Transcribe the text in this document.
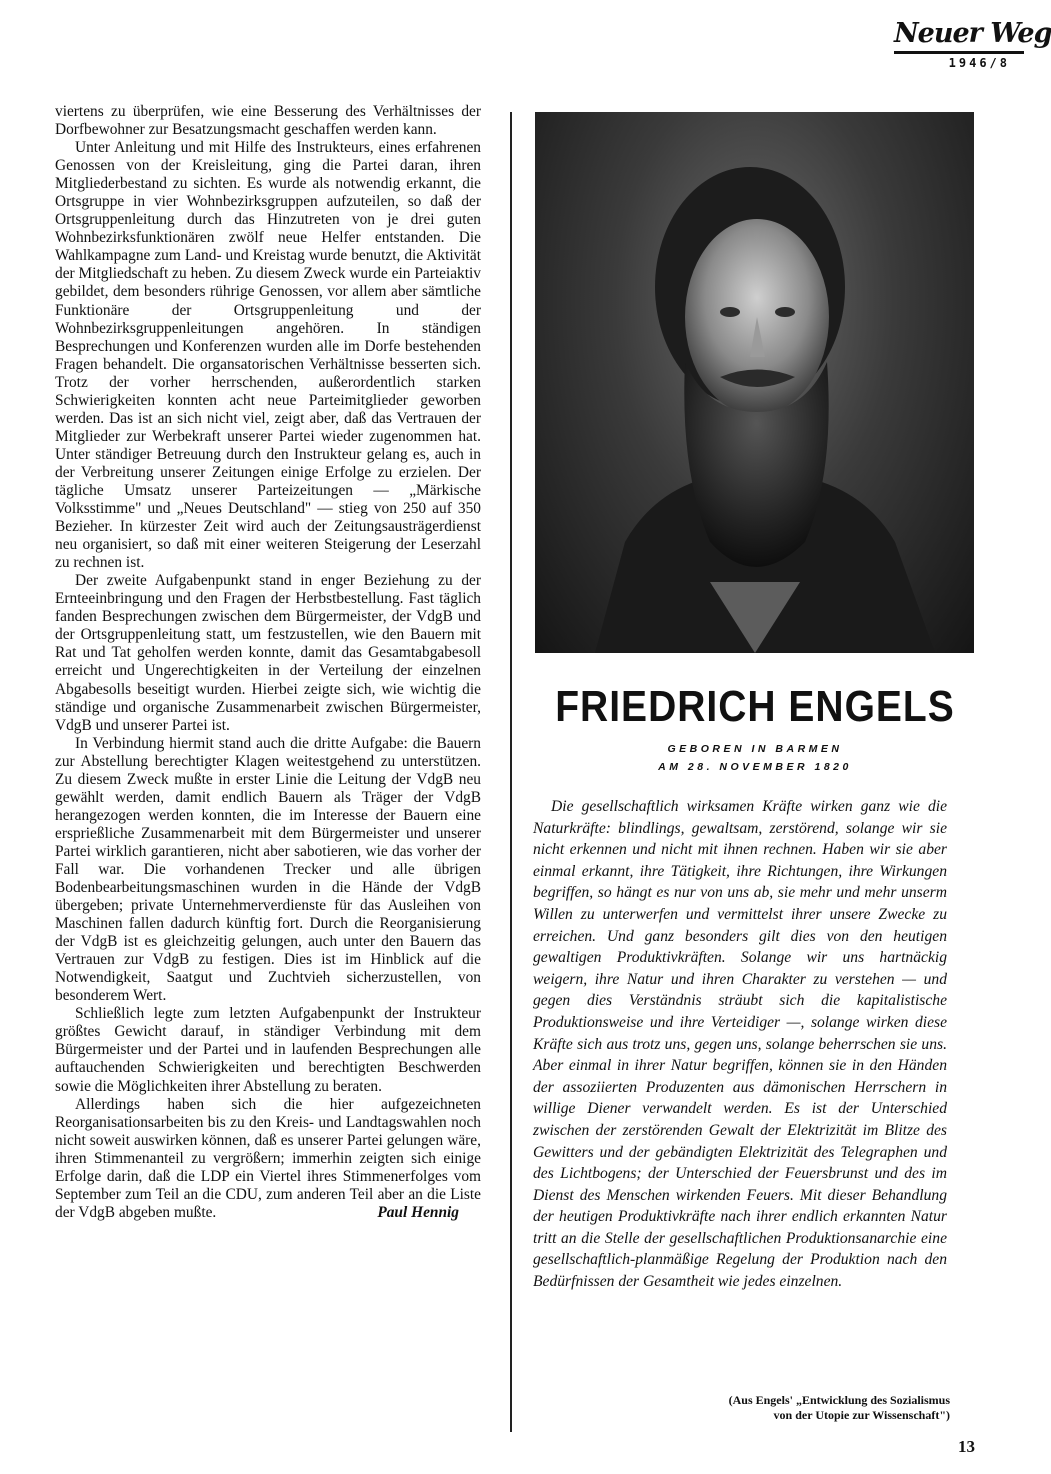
Neuer Weg
1946/8

viertens zu überprüfen, wie eine Besserung des Verhältnisses der Dorfbewohner zur Besatzungsmacht geschaffen werden kann.

Unter Anleitung und mit Hilfe des Instrukteurs, eines erfahrenen Genossen von der Kreisleitung, ging die Partei daran, ihren Mitgliederbestand zu sichten. Es wurde als notwendig erkannt, die Ortsgruppe in vier Wohnbezirksgruppen aufzuteilen, so daß der Ortsgruppenleitung durch das Hinzutreten von je drei guten Wohnbezirksfunktionären zwölf neue Helfer entstanden. Die Wahlkampagne zum Land- und Kreistag wurde benutzt, die Aktivität der Mitgliedschaft zu heben. Zu diesem Zweck wurde ein Parteiaktiv gebildet, dem besonders rührige Genossen, vor allem aber sämtliche Funktionäre der Ortsgruppenleitung und der Wohnbezirksgruppenleitungen angehören. In ständigen Besprechungen und Konferenzen wurden alle im Dorfe bestehenden Fragen behandelt. Die organsatorischen Verhältnisse besserten sich. Trotz der vorher herrschenden, außerordentlich starken Schwierigkeiten konnten acht neue Parteimitglieder geworben werden. Das ist an sich nicht viel, zeigt aber, daß das Vertrauen der Mitglieder zur Werbekraft unserer Partei wieder zugenommen hat. Unter ständiger Betreuung durch den Instrukteur gelang es, auch in der Verbreitung unserer Zeitungen einige Erfolge zu erzielen. Der tägliche Umsatz unserer Parteizeitungen — „Märkische Volksstimme" und „Neues Deutschland" — stieg von 250 auf 350 Bezieher. In kürzester Zeit wird auch der Zeitungsausträgerdienst neu organisiert, so daß mit einer weiteren Steigerung der Leserzahl zu rechnen ist.

Der zweite Aufgabenpunkt stand in enger Beziehung zu der Ernteeinbringung und den Fragen der Herbstbestellung. Fast täglich fanden Besprechungen zwischen dem Bürgermeister, der VdgB und der Ortsgruppenleitung statt, um festzustellen, wie den Bauern mit Rat und Tat geholfen werden konnte, damit das Gesamtabgabesoll erreicht und Ungerechtigkeiten in der Verteilung der einzelnen Abgabesolls beseitigt wurden. Hierbei zeigte sich, wie wichtig die ständige und organische Zusammenarbeit zwischen Bürgermeister, VdgB und unserer Partei ist.

In Verbindung hiermit stand auch die dritte Aufgabe: die Bauern zur Abstellung berechtigter Klagen weitestgehend zu unterstützen. Zu diesem Zweck mußte in erster Linie die Leitung der VdgB neu gewählt werden, damit endlich Bauern als Träger der VdgB herangezogen werden konnten, die im Interesse der Bauern eine ersprießliche Zusammenarbeit mit dem Bürgermeister und unserer Partei wirklich garantieren, nicht aber sabotieren, wie das vorher der Fall war. Die vorhandenen Trecker und alle übrigen Bodenbearbeitungsmaschinen wurden in die Hände der VdgB übergeben; private Unternehmerverdienste für das Ausleihen von Maschinen fallen dadurch künftig fort. Durch die Reorganisierung der VdgB ist es gleichzeitig gelungen, auch unter den Bauern das Vertrauen zur VdgB zu festigen. Dies ist im Hinblick auf die Notwendigkeit, Saatgut und Zuchtvieh sicherzustellen, von besonderem Wert.

Schließlich legte zum letzten Aufgabenpunkt der Instrukteur größtes Gewicht darauf, in ständiger Verbindung mit dem Bürgermeister und der Partei und in laufenden Besprechungen alle auftauchenden Schwierigkeiten und berechtigten Beschwerden sowie die Möglichkeiten ihrer Abstellung zu beraten.

Allerdings haben sich die hier aufgezeichneten Reorganisationsarbeiten bis zu den Kreis- und Landtagswahlen noch nicht soweit auswirken können, daß es unserer Partei gelungen wäre, ihren Stimmenanteil zu vergrößern; immerhin zeigten sich einige Erfolge darin, daß die LDP ein Viertel ihres Stimmenerfolges vom September zum Teil an die CDU, zum anderen Teil aber an die Liste der VdgB abgeben mußte.	Paul Hennig
FRIEDRICH ENGELS
GEBOREN IN BARMEN
AM 28. NOVEMBER 1820

Die gesellschaftlich wirksamen Kräfte wirken ganz wie die Naturkräfte: blindlings, gewaltsam, zerstörend, solange wir sie nicht erkennen und nicht mit ihnen rechnen. Haben wir sie aber einmal erkannt, ihre Tätigkeit, ihre Richtungen, ihre Wirkungen begriffen, so hängt es nur von uns ab, sie mehr und mehr unserm Willen zu unterwerfen und vermittelst ihrer unsere Zwecke zu erreichen. Und ganz besonders gilt dies von den heutigen gewaltigen Produktivkräften. Solange wir uns hartnäckig weigern, ihre Natur und ihren Charakter zu verstehen — und gegen dies Verständnis sträubt sich die kapitalistische Produktionsweise und ihre Verteidiger —, solange wirken diese Kräfte sich aus trotz uns, gegen uns, solange beherrschen sie uns. Aber einmal in ihrer Natur begriffen, können sie in den Händen der assoziierten Produzenten aus dämonischen Herrschern in willige Diener verwandelt werden. Es ist der Unterschied zwischen der zerstörenden Gewalt der Elektrizität im Blitze des Gewitters und der gebändigten Elektrizität des Telegraphen und des Lichtbogens; der Unterschied der Feuersbrunst und des im Dienst des Menschen wirkenden Feuers. Mit dieser Behandlung der heutigen Produktivkräfte nach ihrer endlich erkannten Natur tritt an die Stelle der gesellschaftlichen Produktionsanarchie eine gesellschaftlich-planmäßige Regelung der Produktion nach den Bedürfnissen der Gesamtheit wie jedes einzelnen.

(Aus Engels' „Entwicklung des Sozialismus
von der Utopie zur Wissenschaft")
13
